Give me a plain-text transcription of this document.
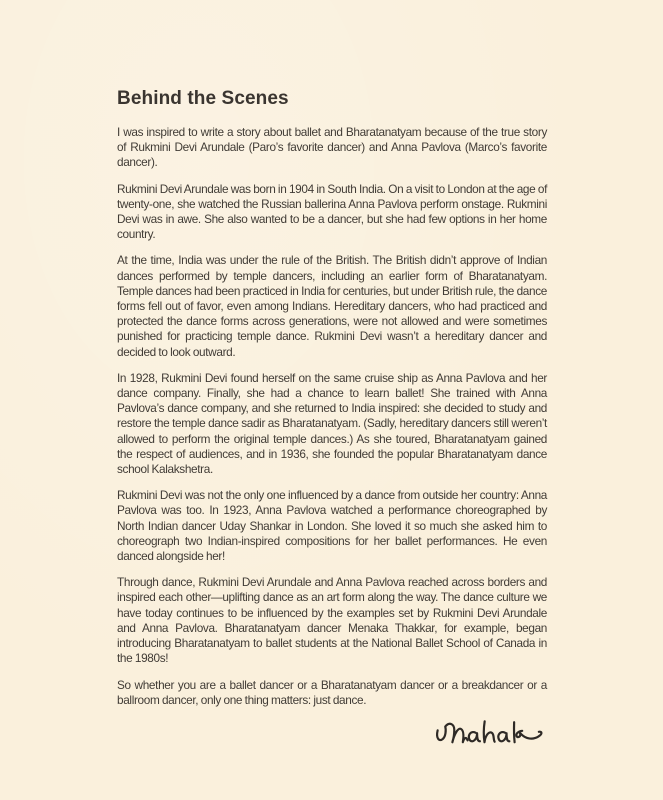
Behind the Scenes

I was inspired to write a story about ballet and Bharatanatyam because of the true story of Rukmini Devi Arundale (Paro’s favorite dancer) and Anna Pavlova (Marco’s favorite dancer).

Rukmini Devi Arundale was born in 1904 in South India. On a visit to London at the age of twenty-one, she watched the Russian ballerina Anna Pavlova perform onstage. Rukmini Devi was in awe. She also wanted to be a dancer, but she had few options in her home country.

At the time, India was under the rule of the British. The British didn’t approve of Indian dances performed by temple dancers, including an earlier form of Bharatanatyam. Temple dances had been practiced in India for centuries, but under British rule, the dance forms fell out of favor, even among Indians. Hereditary dancers, who had practiced and protected the dance forms across generations, were not allowed and were sometimes punished for practicing temple dance. Rukmini Devi wasn’t a hereditary dancer and decided to look outward.

In 1928, Rukmini Devi found herself on the same cruise ship as Anna Pavlova and her dance company. Finally, she had a chance to learn ballet! She trained with Anna Pavlova’s dance company, and she returned to India inspired: she decided to study and restore the temple dance sadir as Bharatanatyam. (Sadly, hereditary dancers still weren’t allowed to perform the original temple dances.) As she toured, Bharatanatyam gained the respect of audiences, and in 1936, she founded the popular Bharatanatyam dance school Kalakshetra.

Rukmini Devi was not the only one influenced by a dance from outside her country: Anna Pavlova was too. In 1923, Anna Pavlova watched a performance choreographed by North Indian dancer Uday Shankar in London. She loved it so much she asked him to choreograph two Indian-inspired compositions for her ballet performances. He even danced alongside her!

Through dance, Rukmini Devi Arundale and Anna Pavlova reached across borders and inspired each other—uplifting dance as an art form along the way. The dance culture we have today continues to be influenced by the examples set by Rukmini Devi Arundale and Anna Pavlova. Bharatanatyam dancer Menaka Thakkar, for example, began introducing Bharatanatyam to ballet students at the National Ballet School of Canada in the 1980s!

So whether you are a ballet dancer or a Bharatanatyam dancer or a breakdancer or a ballroom dancer, only one thing matters: just dance.
